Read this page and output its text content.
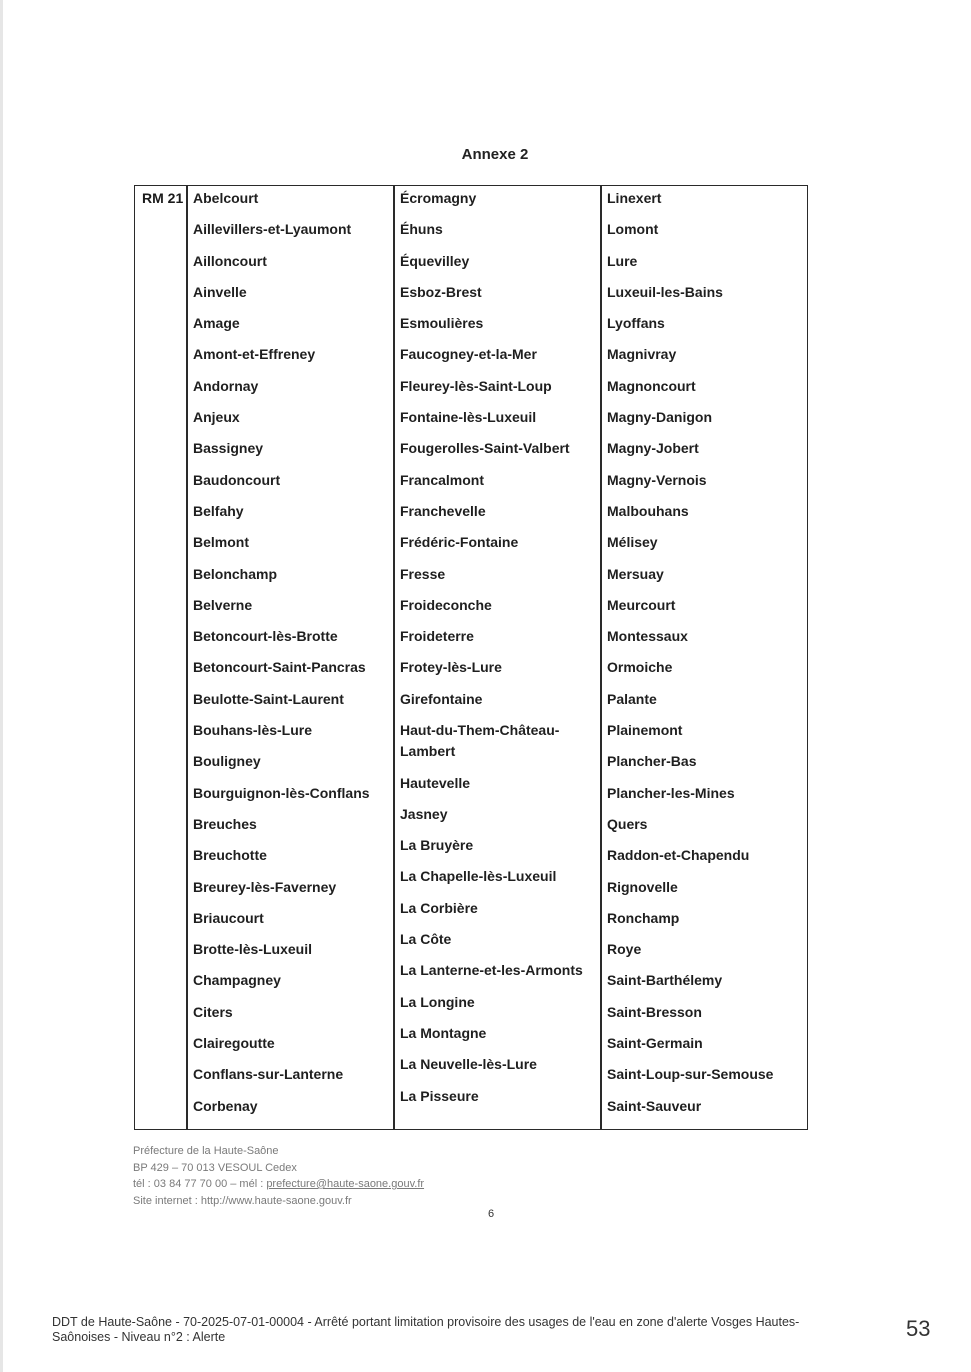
Annexe 2
RM 21 Abelcourt
Aillevillers-et-Lyaumont
Ailloncourt
Ainvelle
Amage
Amont-et-Effreney
Andornay
Anjeux
Bassigney
Baudoncourt
Belfahy
Belmont
Belonchamp
Belverne
Betoncourt-lès-Brotte
Betoncourt-Saint-Pancras
Beulotte-Saint-Laurent
Bouhans-lès-Lure
Bouligney
Bourguignon-lès-Conflans
Breuches
Breuchotte
Breurey-lès-Faverney
Briaucourt
Brotte-lès-Luxeuil
Champagney
Citers
Clairegoutte
Conflans-sur-Lanterne
Corbenay
Écromagny
Éhuns
Équevilley
Esboz-Brest
Esmoulières
Faucogney-et-la-Mer
Fleurey-lès-Saint-Loup
Fontaine-lès-Luxeuil
Fougerolles-Saint-Valbert
Francalmont
Franchevelle
Frédéric-Fontaine
Fresse
Froideconche
Froideterre
Frotey-lès-Lure
Girefontaine
Haut-du-Them-Château-Lambert
Hautevelle
Jasney
La Bruyère
La Chapelle-lès-Luxeuil
La Corbière
La Côte
La Lanterne-et-les-Armonts
La Longine
La Montagne
La Neuvelle-lès-Lure
La Pisseure
Linexert
Lomont
Lure
Luxeuil-les-Bains
Lyoffans
Magnivray
Magnoncourt
Magny-Danigon
Magny-Jobert
Magny-Vernois
Malbouhans
Mélisey
Mersuay
Meurcourt
Montessaux
Ormoiche
Palante
Plainemont
Plancher-Bas
Plancher-les-Mines
Quers
Raddon-et-Chapendu
Rignovelle
Ronchamp
Roye
Saint-Barthélemy
Saint-Bresson
Saint-Germain
Saint-Loup-sur-Semouse
Saint-Sauveur
Préfecture de la Haute-Saône
BP 429 – 70 013 VESOUL Cedex
tél : 03 84 77 70 00 – mél : prefecture@haute-saone.gouv.fr
Site internet : http://www.haute-saone.gouv.fr
6
DDT de Haute-Saône - 70-2025-07-01-00004 - Arrêté portant limitation provisoire des usages de l'eau en zone d'alerte Vosges Hautes-Saônoises - Niveau n°2 : Alerte	53
